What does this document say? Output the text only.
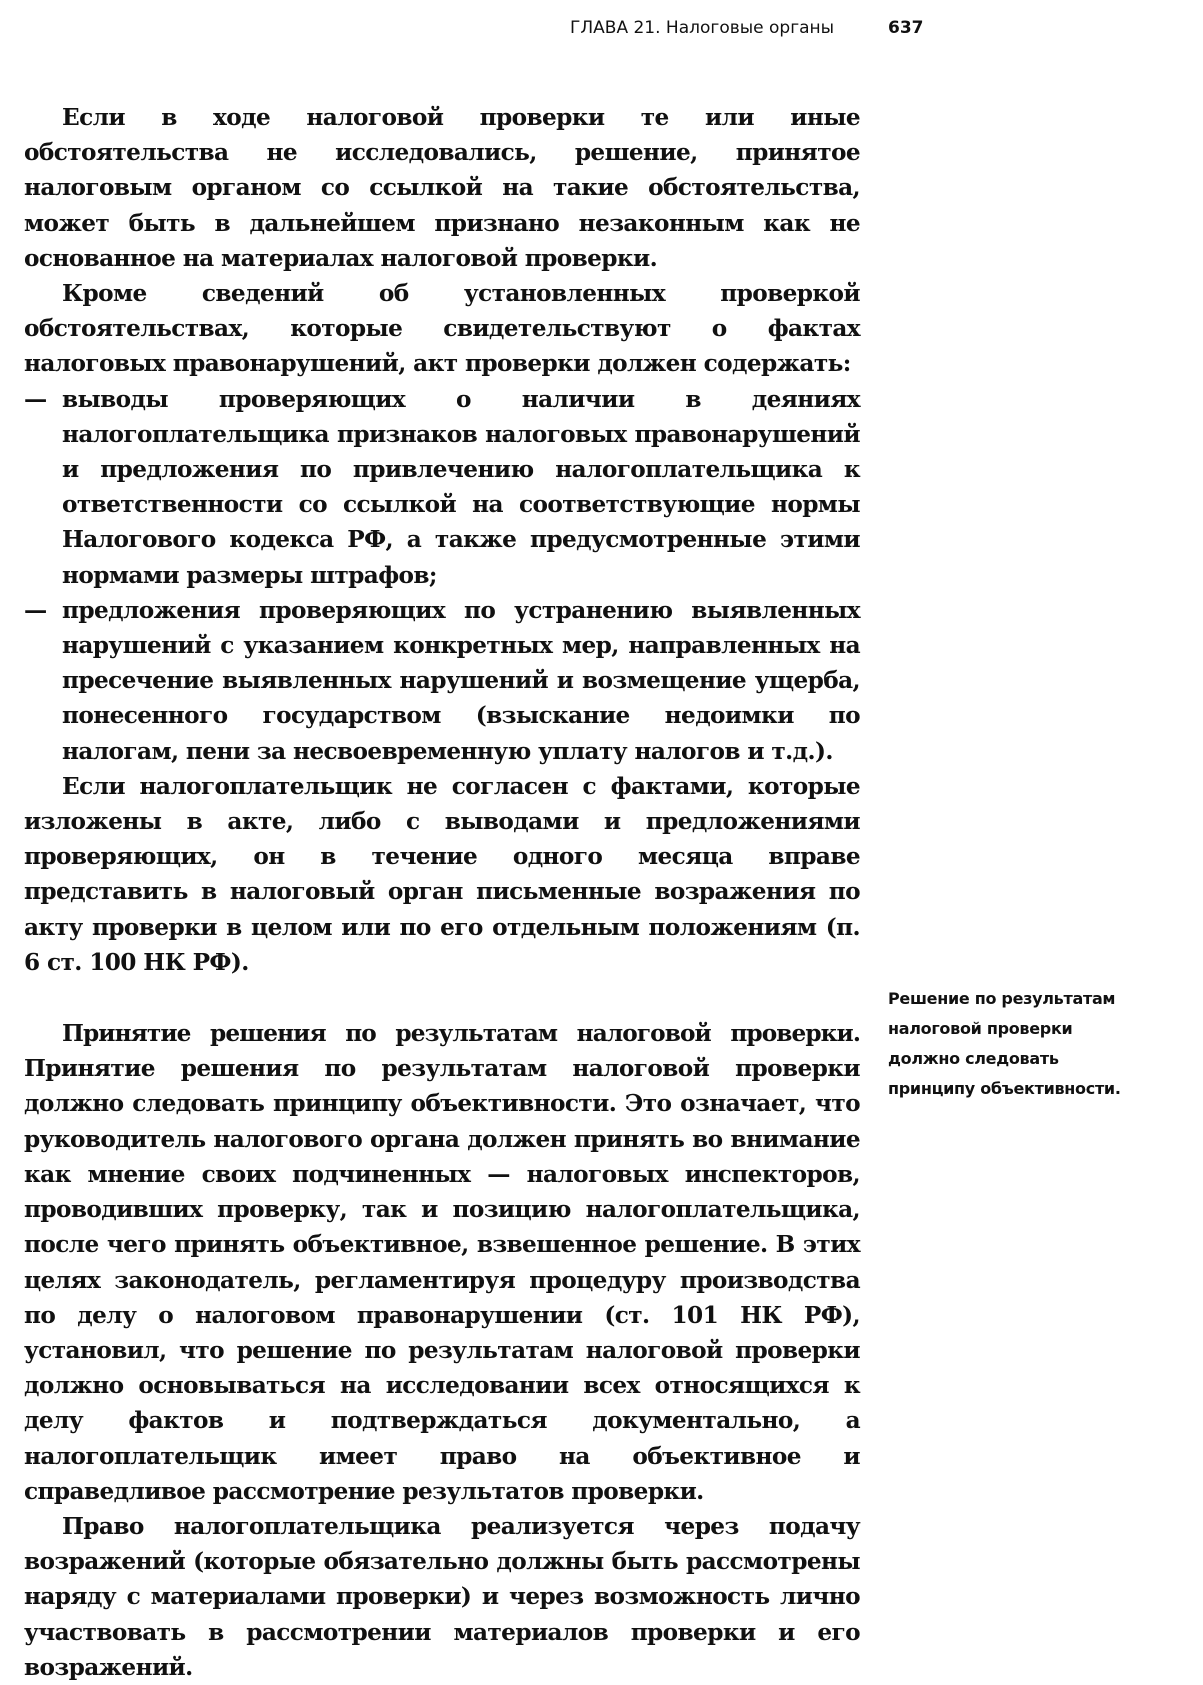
ГЛАВА 21. Налоговые органы	637

Если в ходе налоговой проверки те или иные обстоятельства не исследовались, решение, принятое налоговым органом со ссылкой на такие обстоятельства, может быть в дальнейшем признано незаконным как не основанное на материалах налоговой проверки.

Кроме сведений об установленных проверкой обстоятельствах, которые свидетельствуют о фактах налоговых правонарушений, акт проверки должен содержать:

— выводы проверяющих о наличии в деяниях налогоплательщика признаков налоговых правонарушений и предложения по привлечению налогоплательщика к ответственности со ссылкой на соответствующие нормы Налогового кодекса РФ, а также предусмотренные этими нормами размеры штрафов;
— предложения проверяющих по устранению выявленных нарушений с указанием конкретных мер, направленных на пресечение выявленных нарушений и возмещение ущерба, понесенного государством (взыскание недоимки по налогам, пени за несвоевременную уплату налогов и т.д.).

Если налогоплательщик не согласен с фактами, которые изложены в акте, либо с выводами и предложениями проверяющих, он в течение одного месяца вправе представить в налоговый орган письменные возражения по акту проверки в целом или по его отдельным положениям (п. 6 ст. 100 НК РФ).

Принятие решения по результатам налоговой проверки. Принятие решения по результатам налоговой проверки должно следовать принципу объективности. Это означает, что руководитель налогового органа должен принять во внимание как мнение своих подчиненных — налоговых инспекторов, проводивших проверку, так и позицию налогоплательщика, после чего принять объективное, взвешенное решение. В этих целях законодатель, регламентируя процедуру производства по делу о налоговом правонарушении (ст. 101 НК РФ), установил, что решение по результатам налоговой проверки должно основываться на исследовании всех относящихся к делу фактов и подтверждаться документально, а налогоплательщик имеет право на объективное и справедливое рассмотрение результатов проверки.

Право налогоплательщика реализуется через подачу возражений (которые обязательно должны быть рассмотрены наряду с материалами проверки) и через возможность лично участвовать в рассмотрении материалов проверки и его возражений.

Решение по результатам налоговой проверки должно следовать принципу объективности.
